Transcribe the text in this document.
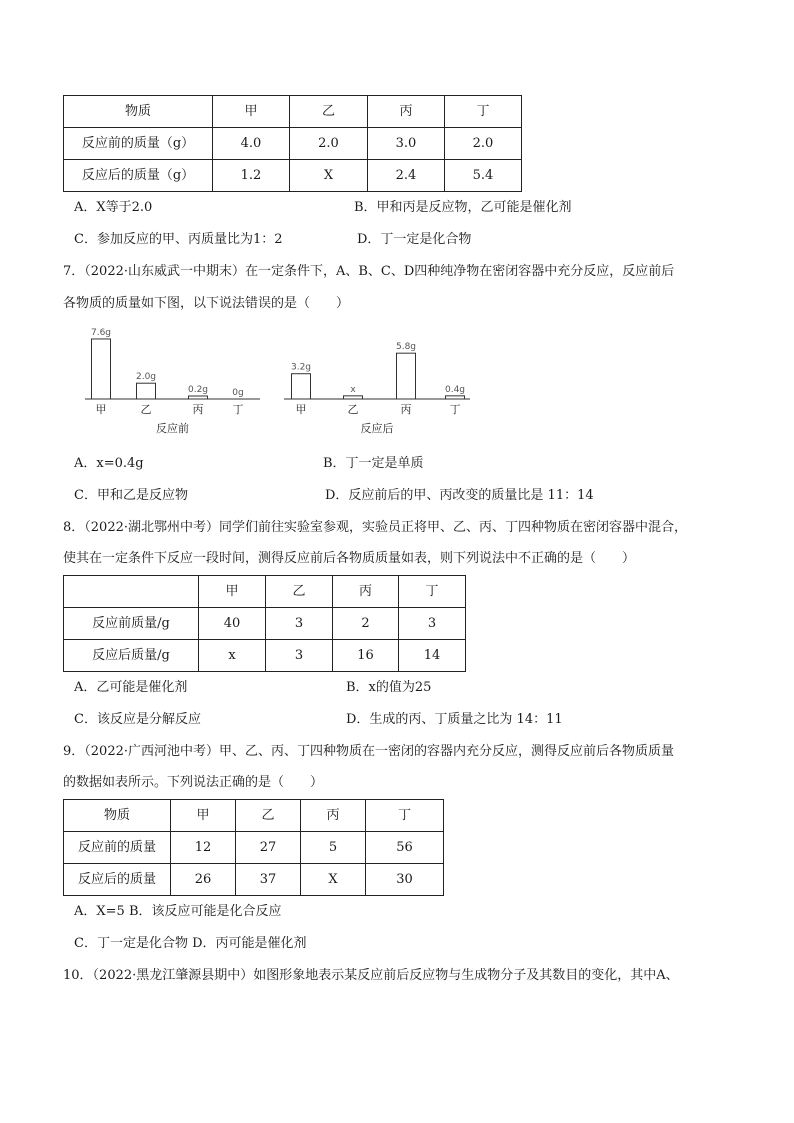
物质	甲	乙	丙	丁
反应前的质量（g）	4.0	2.0	3.0	2.0
反应后的质量（g）	1.2	X	2.4	5.4
A．X等于2.0	B．甲和丙是反应物，乙可能是催化剂
C．参加反应的甲、丙质量比为1：2	D．丁一定是化合物
7．（2022·山东威武一中期末）在一定条件下，A、B、C、D四种纯净物在密闭容器中充分反应，反应前后
各物质的质量如下图，以下说法错误的是（　　）
7.6g
甲
2.0g
乙
0.2g
丙
0g
丁
反应前
3.2g
甲
x
乙
5.8g
丙
0.4g
丁
反应后
A．x=0.4g	B．丁一定是单质
C．甲和乙是反应物	D．反应前后的甲、丙改变的质量比是 11：14
8．（2022·湖北鄂州中考）同学们前往实验室参观，实验员正将甲、乙、丙、丁四种物质在密闭容器中混合，
使其在一定条件下反应一段时间，测得反应前后各物质质量如表，则下列说法中不正确的是（　　）
	甲	乙	丙	丁
反应前质量/g	40	3	2	3
反应后质量/g	x	3	16	14
A．乙可能是催化剂	B．x的值为25
C．该反应是分解反应	D．生成的丙、丁质量之比为 14：11
9．（2022·广西河池中考）甲、乙、丙、丁四种物质在一密闭的容器内充分反应，测得反应前后各物质质量
的数据如表所示。下列说法正确的是（　　）
物质	甲	乙	丙	丁
反应前的质量	12	27	5	56
反应后的质量	26	37	X	30
A．X=5 B．该反应可能是化合反应
C．丁一定是化合物 D．丙可能是催化剂
10．（2022·黑龙江肇源县期中）如图形象地表示某反应前后反应物与生成物分子及其数目的变化，其中A、
